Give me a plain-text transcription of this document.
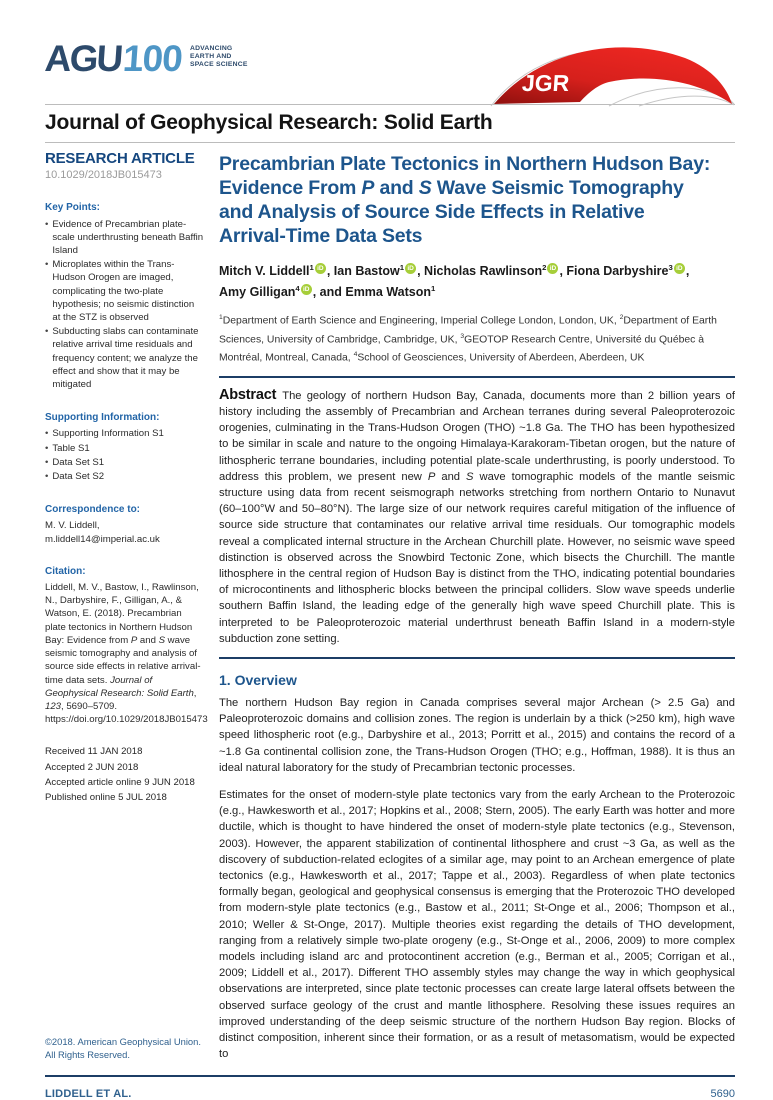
AGU 100 ADVANCING
EARTH AND
SPACE SCIENCE
JGR
Journal of Geophysical Research: Solid Earth
RESEARCH ARTICLE
10.1029/2018JB015473
Key Points:
• Evidence of Precambrian plate-scale underthrusting beneath Baffin Island
• Microplates within the Trans-Hudson Orogen are imaged, complicating the two-plate hypothesis; no seismic distinction at the STZ is observed
• Subducting slabs can contaminate relative arrival time residuals and frequency content; we analyze the effect and show that it may be mitigated
Supporting Information:
• Supporting Information S1
• Table S1
• Data Set S1
• Data Set S2
Correspondence to:
M. V. Liddell,
m.liddell14@imperial.ac.uk
Citation:
Liddell, M. V., Bastow, I., Rawlinson, N., Darbyshire, F., Gilligan, A., & Watson, E. (2018). Precambrian plate tectonics in Northern Hudson Bay: Evidence from P and S wave seismic tomography and analysis of source side effects in relative arrival-time data sets. Journal of Geophysical Research: Solid Earth, 123, 5690–5709. https://doi.org/10.1029/2018JB015473
Received 11 JAN 2018
Accepted 2 JUN 2018
Accepted article online 9 JUN 2018
Published online 5 JUL 2018
©2018. American Geophysical Union.
All Rights Reserved.
Precambrian Plate Tectonics in Northern Hudson Bay:
Evidence From P and S Wave Seismic Tomography
and Analysis of Source Side Effects in Relative
Arrival-Time Data Sets
Mitch V. Liddell$^1$ iD , Ian Bastow$^1$ iD , Nicholas Rawlinson$^2$ iD , Fiona Darbyshire$^3$ iD ,
Amy Gilligan$^4$ iD , and Emma Watson$^1$
$^1$Department of Earth Science and Engineering, Imperial College London, London, UK, $^2$Department of Earth Sciences, University of Cambridge, Cambridge, UK, $^3$GEOTOP Research Centre, Université du Québec à Montréal, Montreal, Canada, $^4$School of Geosciences, University of Aberdeen, Aberdeen, UK

Abstract The geology of northern Hudson Bay, Canada, documents more than 2 billion years of history including the assembly of Precambrian and Archean terranes during several Paleoproterozoic orogenies, culminating in the Trans-Hudson Orogen (THO) ~1.8 Ga. The THO has been hypothesized to be similar in scale and nature to the ongoing Himalaya-Karakoram-Tibetan orogen, but the nature of lithospheric terrane boundaries, including potential plate-scale underthrusting, is poorly understood. To address this problem, we present new P and S wave tomographic models of the mantle seismic structure using data from recent seismograph networks stretching from northern Ontario to Nunavut (60–100°W and 50–80°N). The large size of our network requires careful mitigation of the influence of source side structure that contaminates our relative arrival time residuals. Our tomographic models reveal a complicated internal structure in the Archean Churchill plate. However, no seismic wave speed distinction is observed across the Snowbird Tectonic Zone, which bisects the Churchill. The mantle lithosphere in the central region of Hudson Bay is distinct from the THO, indicating potential boundaries of microcontinents and lithospheric blocks between the principal colliders. Slow wave speeds underlie southern Baffin Island, the leading edge of the generally high wave speed Churchill plate. This is interpreted to be Paleoproterozoic material underthrust beneath Baffin Island in a modern-style subduction zone setting.

1. Overview

The northern Hudson Bay region in Canada comprises several major Archean (> 2.5 Ga) and Paleoproterozoic domains and collision zones. The region is underlain by a thick (>250 km), high wave speed lithospheric root (e.g., Darbyshire et al., 2013; Porritt et al., 2015) and contains the record of a ~1.8 Ga continental collision zone, the Trans-Hudson Orogen (THO; e.g., Hoffman, 1988). It is thus an ideal natural laboratory for the study of Precambrian tectonic processes.

Estimates for the onset of modern-style plate tectonics vary from the early Archean to the Proterozoic (e.g., Hawkesworth et al., 2017; Hopkins et al., 2008; Stern, 2005). The early Earth was hotter and more ductile, which is thought to have hindered the onset of modern-style plate tectonics (e.g., Stevenson, 2003). However, the apparent stabilization of continental lithosphere and crust ~3 Ga, as well as the discovery of subduction-related eclogites of a similar age, may point to an Archean emergence of plate tectonics (e.g., Hawkesworth et al., 2017; Tappe et al., 2003). Regardless of when plate tectonics formally began, geological and geophysical consensus is emerging that the Proterozoic THO developed from modern-style plate tectonics (e.g., Bastow et al., 2011; St-Onge et al., 2006; Thompson et al., 2010; Weller & St-Onge, 2017). Multiple theories exist regarding the details of THO development, ranging from a relatively simple two-plate orogeny (e.g., St-Onge et al., 2006, 2009) to more complex models including island arc and protocontinent accretion (e.g., Berman et al., 2005; Corrigan et al., 2009; Liddell et al., 2017). Different THO assembly styles may change the way in which geophysical observations are interpreted, since plate tectonic processes can create large lateral offsets between the observed surface geology of the crust and mantle lithosphere. Resolving these issues requires an improved understanding of the deep seismic structure of the northern Hudson Bay region. Blocks of distinct composition, inherent since their formation, or as a result of metasomatism, would be expected to

LIDDELL ET AL.	5690
